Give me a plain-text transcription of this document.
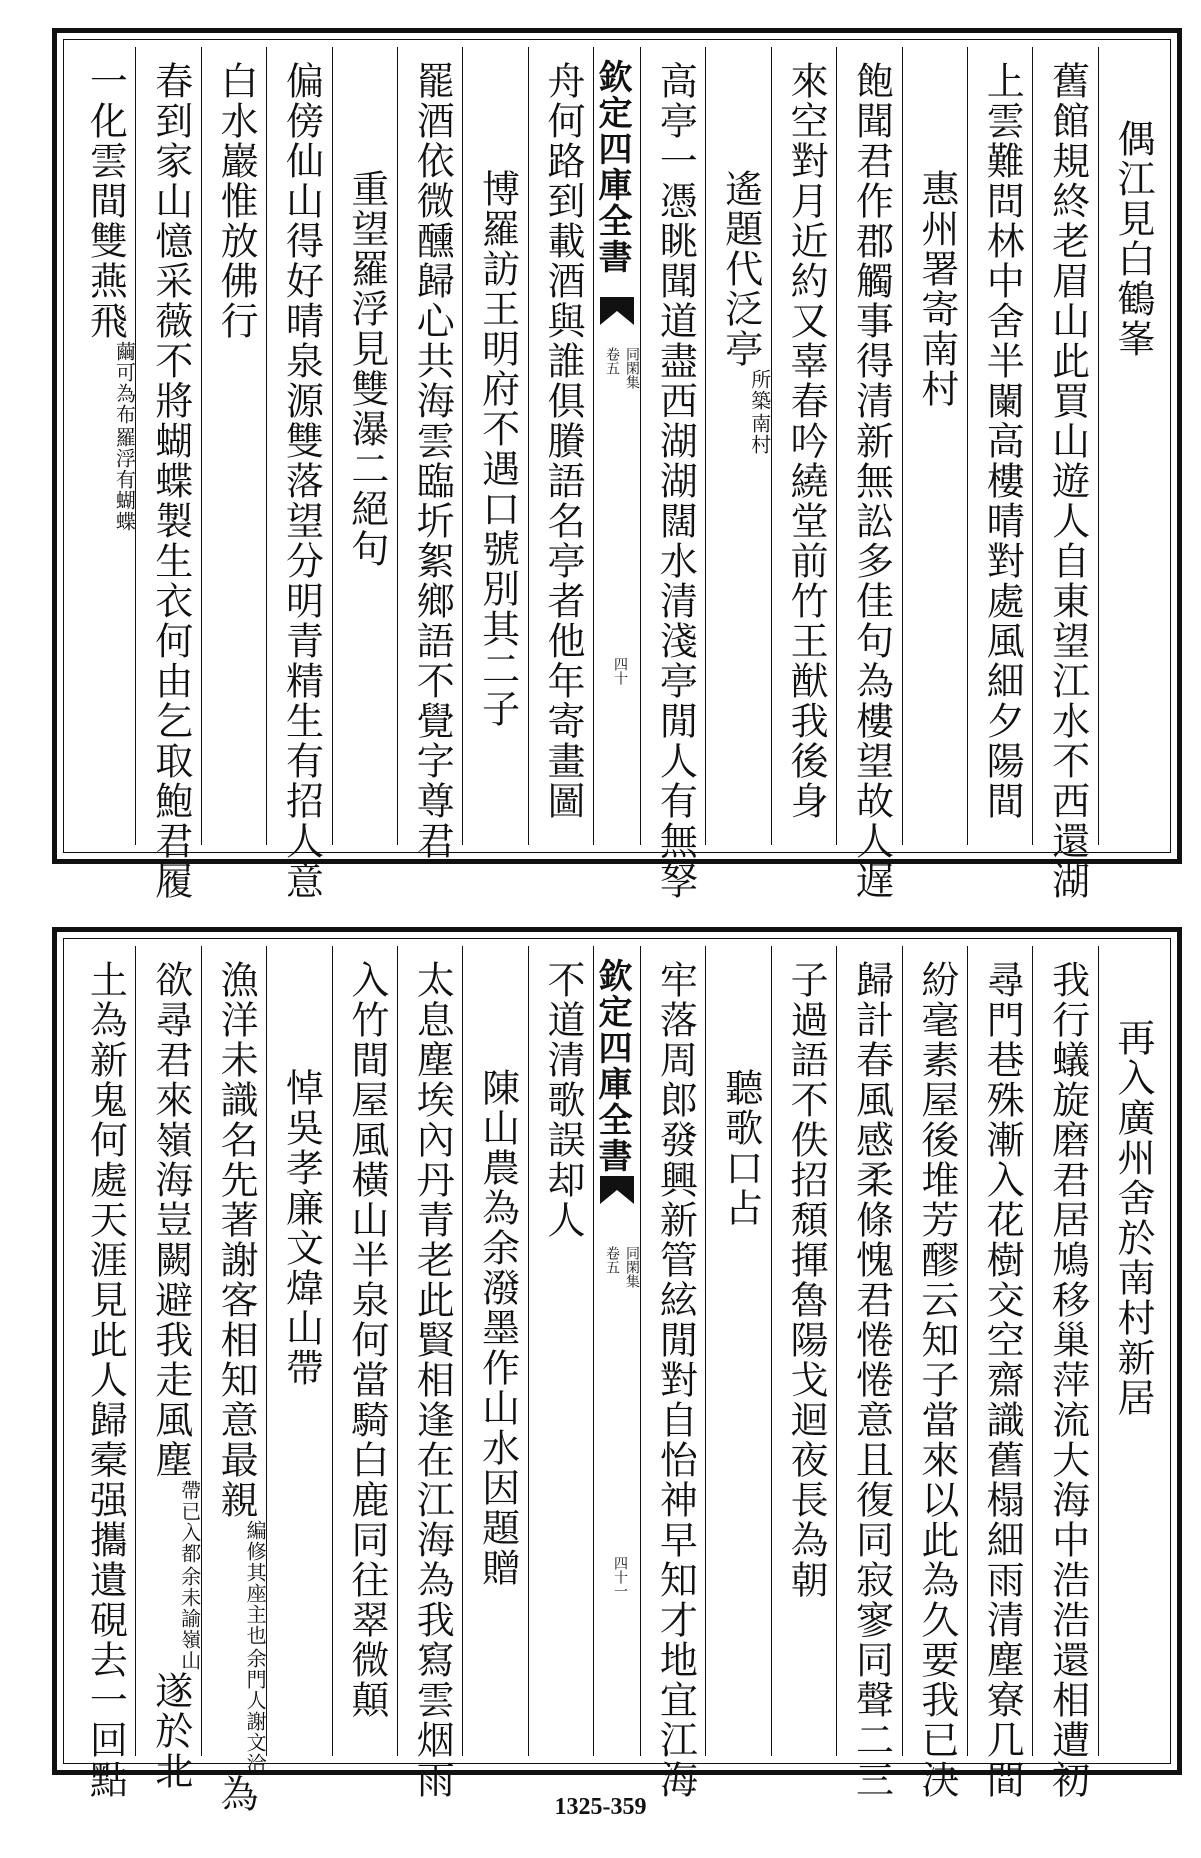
偶江見白鶴峯
舊館規終老眉山此買山遊人自東望江水不西還湖
上雲難問林中舍半闌高樓晴對處風細夕陽間
惠州署寄南村
飽聞君作郡觸事得清新無訟多佳句為樓望故人遅
來空對月近約又辜春吟繞堂前竹王猷我後身
遙題代泛亭
南村
所築
高亭一憑眺聞道盡西湖湖闊水清淺亭閒人有無孥
欽定四庫全書
同閑集
卷五
四十
舟何路到載酒與誰俱賸語名亭者他年寄畫圖
博羅訪王明府不遇口號別其二子
罷酒依微醺歸心共海雲臨圻絮鄉語不覺字尊君
重望羅浮見雙瀑二絕句
偏傍仙山得好晴泉源雙落望分明青精生有招人意
白水巖惟放佛行
春到家山憶采薇不將蝴蝶製生衣何由乞取鮑君履
一化雲間雙燕飛
羅浮有蝴蝶
繭可為布
再入廣州舍於南村新居
我行蟻旋磨君居鳩移巢萍流大海中浩浩還相遭初
尋門巷殊漸入花樹交空齋識舊榻細雨清塵寮几間
紛毫素屋後堆芳醪云知子當來以此為久要我已決
歸計春風感柔條愧君惓惓意且復同寂寥同聲二三
子過語不佚招頹揮魯陽戈迴夜長為朝
聽歌口占
牢落周郎發興新管絃閒對自怡神早知才地宜江海
欽定四庫全書
同閑集
卷五
四十一
不道清歌誤却人
陳山農為余潑墨作山水因題贈
太息塵埃內丹青老此賢相逢在江海為我寫雲烟雨
入竹間屋風橫山半泉何當騎白鹿同往翠微顛
悼吳孝廉文煒山帶
漁洋未識名先著謝客相知意最親
余門人謝文洽
編修其座主也
為
欲尋君來嶺海豈闕避我走風塵
余未諭嶺山
帶已入都
遂於北
土為新鬼何處天涯見此人歸槖强攜遺硯去一回點
1325-359
